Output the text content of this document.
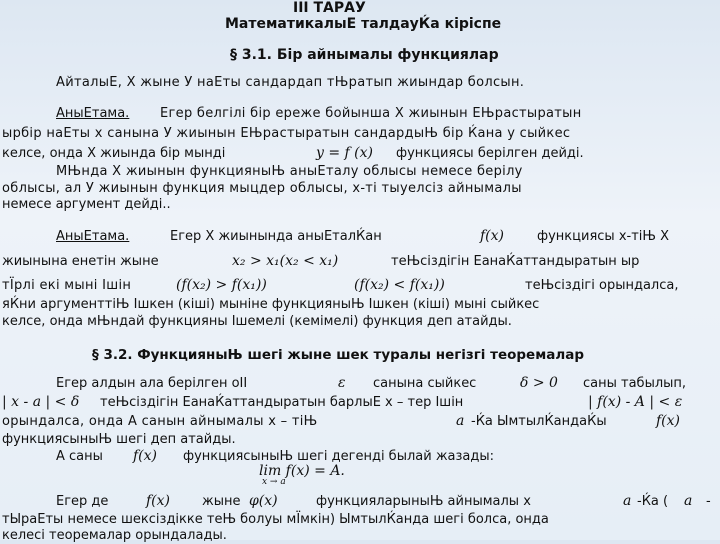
III ТАРАУ
МатематикалыЕ талдауЌа кіріспе
§ 3.1. Бір айнымалы функциялар
АйталыЕ, Х жыне У наЕты сандардап тЊратып жиындар болсын.
АныЕтама. Егер белгілі бір ереже бойынша Х жиынын ЕЊрастыратын
ырбір наЕты х санына У жиынын ЕЊрастыратын сандардыЊ бір Ќана у сыйкес
келсе, онда Х жиында бір мынді	y = f (x) функциясы берілген дейді.
МЊнда Х жиынын функцияныЊ аныЕталу облысы немесе берілу
облысы, ал У жиынын функция мыцдер облысы, х-ті тыуелсіз айнымалы
немесе аргумент дейді..
АныЕтама.	Егер Х жиынында аныЕталЌан	f(x)	функциясы х-тіЊ Х
жиынына енетін жыне	x₂ > x₁(x₂ < x₁)	теЊсіздігін ЕанаЌаттандыратын ыр
тЇрлі екі мыні Ішін	(f(x₂) > f(x₁))	(f(x₂) < f(x₁))	теЊсіздігі орындалса,
яЌни аргументтіЊ Ішкен (кіші) мыніне функцияныЊ Ішкен (кіші) мыні сыйкес
келсе, онда мЊндай функцияны Ішемелі (кемімелі) функция деп атайды.
§ 3.2. ФункцияныЊ шегі жыне шек туралы негізгі теоремалар
Егер алдын ала берілген оІІ	ε санына сыйкес	δ > 0 саны табылып,
| x - a | < δ теЊсіздігін ЕанаЌаттандыратын барлыЕ х – тер Ішін	| f(x) - A | < ε
орындалса, онда А санын айнымалы х – тіЊ	a -Ќа ЫмтылЌандаЌы	f(x)
функциясыныЊ шегі деп атайды.
А саны f(x) функциясыныЊ шегі дегенді былай жазады:
lim f(x) = A.
x → a
Егер де	f(x) жыне φ(x)	функцияларыныЊ айнымалы х	a -Ќа ( a -
тЫраЕты немесе шексіздікке теЊ болуы мЇмкін) ЫмтылЌанда шегі болса, онда
келесі теоремалар орындалады.
